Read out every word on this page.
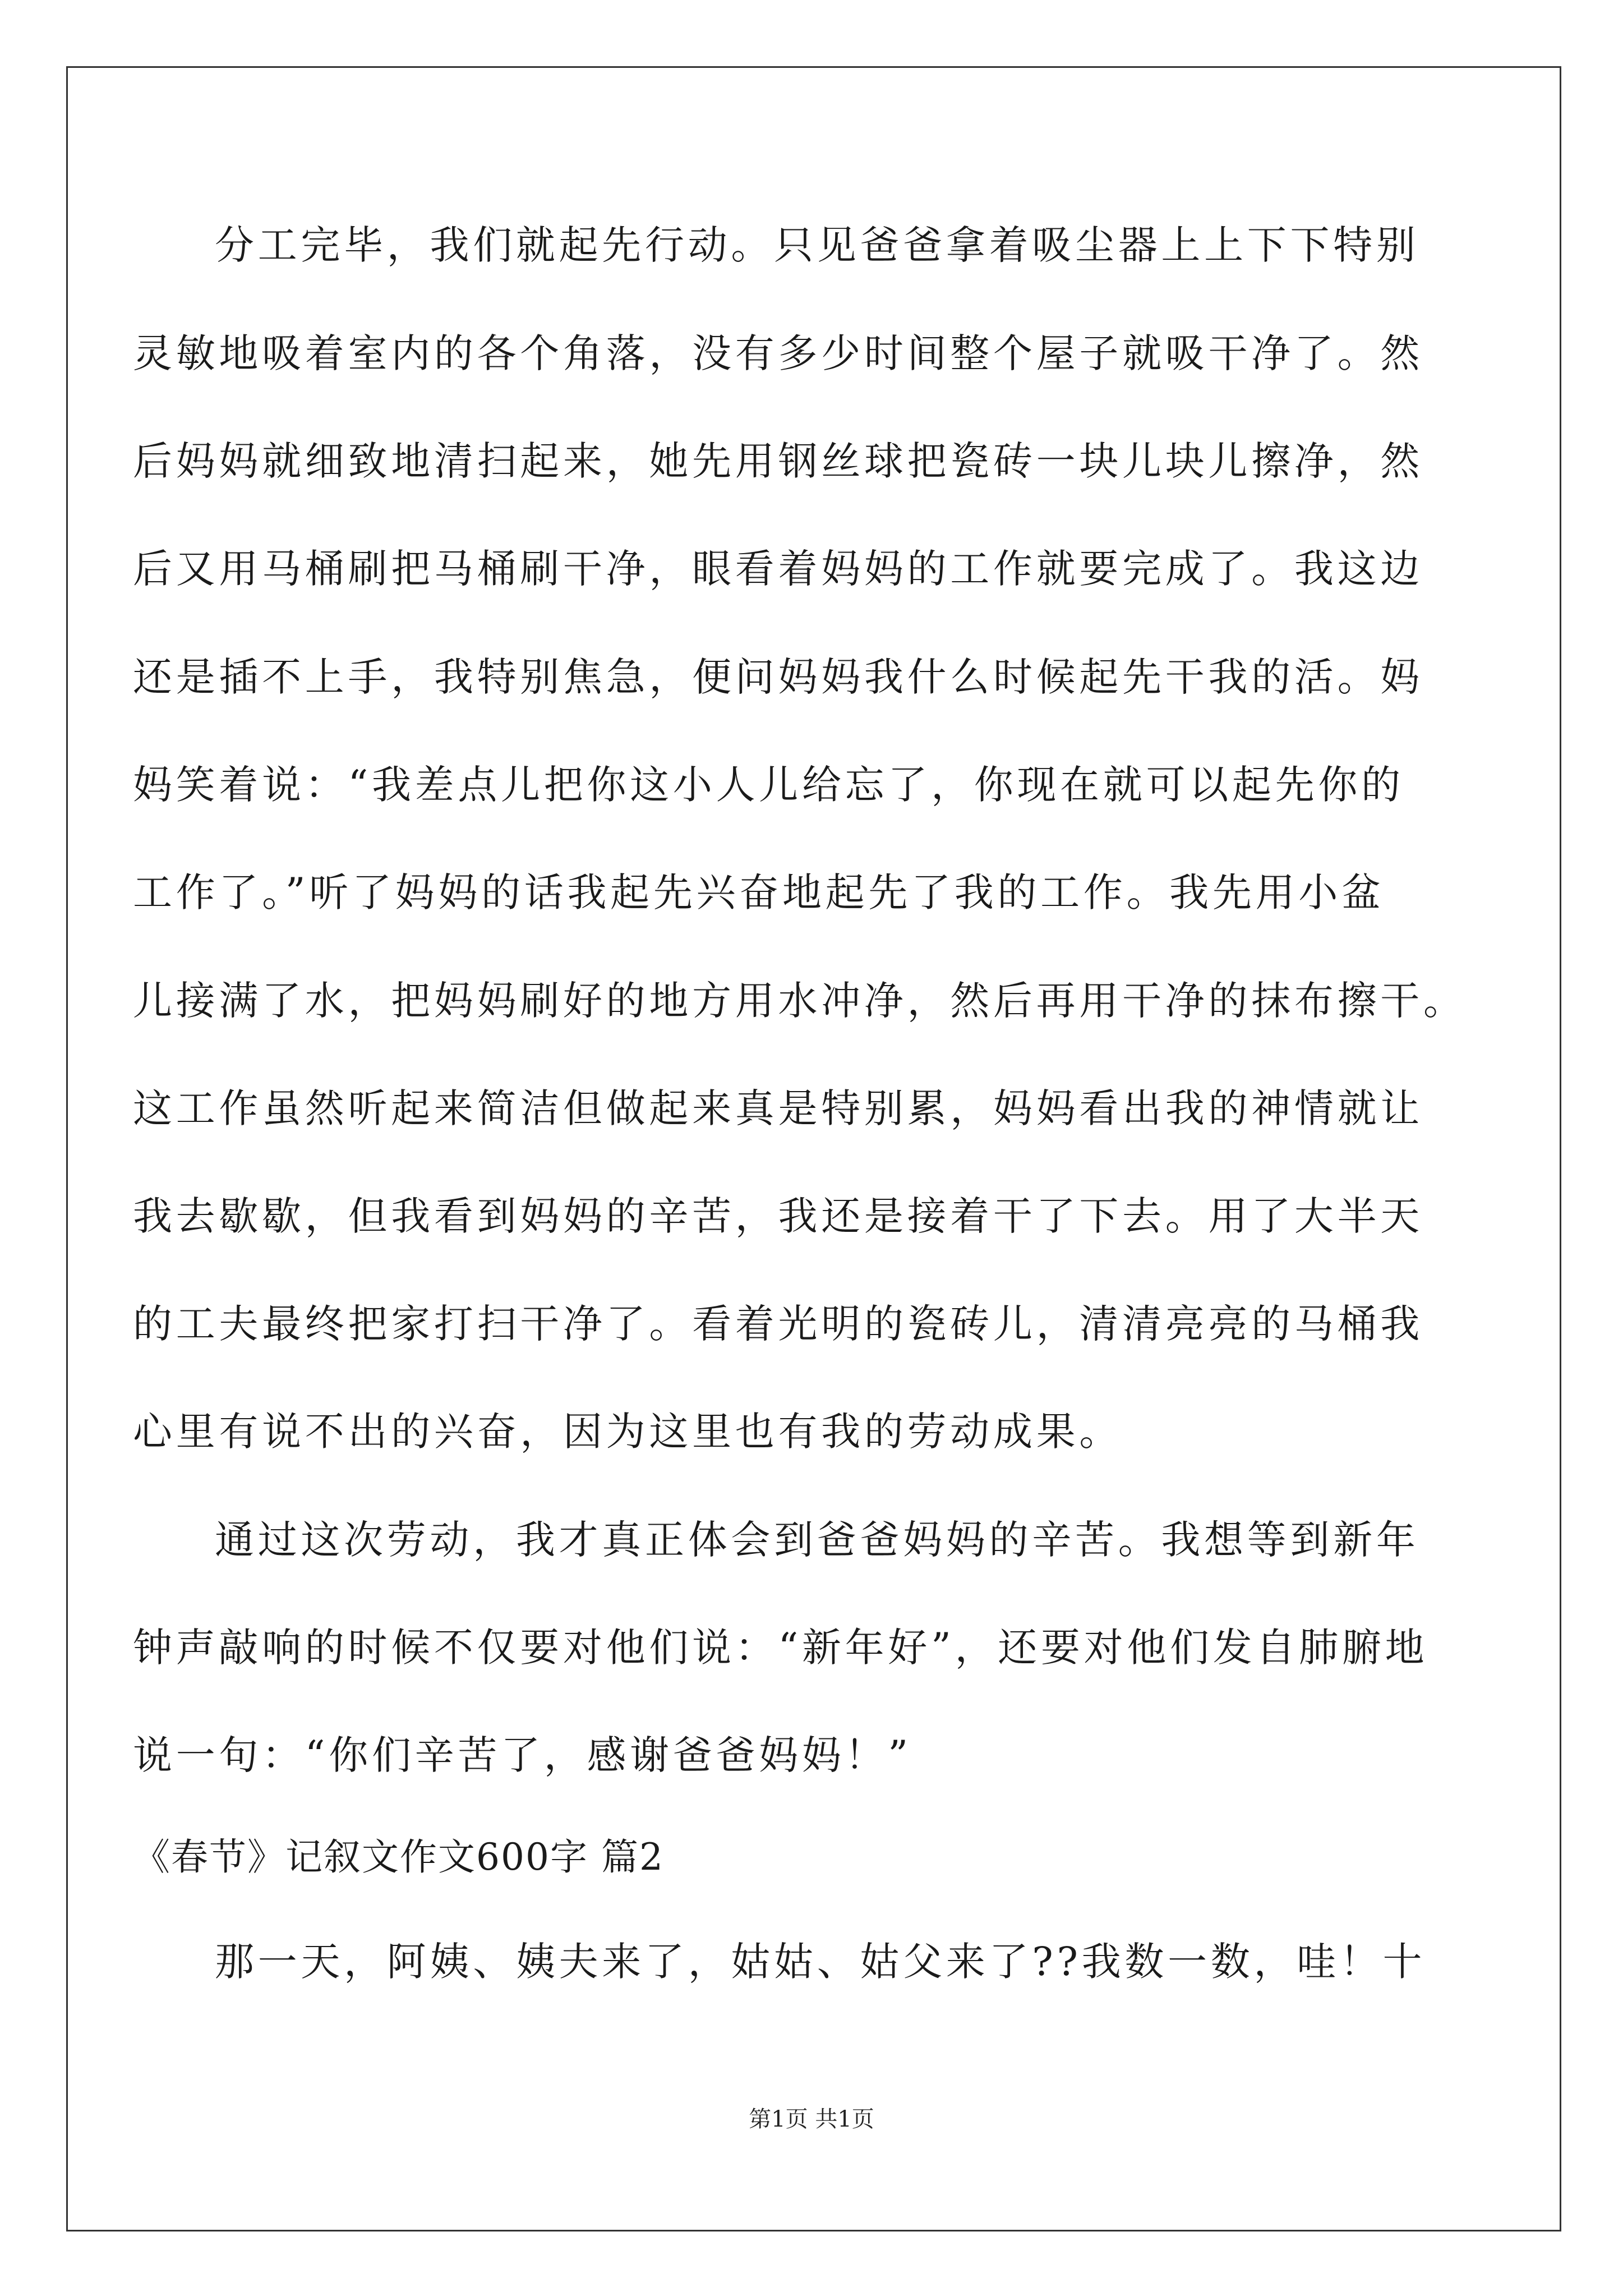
分工完毕，我们就起先行动。只见爸爸拿着吸尘器上上下下特别
灵敏地吸着室内的各个角落，没有多少时间整个屋子就吸干净了。然
后妈妈就细致地清扫起来，她先用钢丝球把瓷砖一块儿块儿擦净，然
后又用马桶刷把马桶刷干净，眼看着妈妈的工作就要完成了。我这边
还是插不上手，我特别焦急，便问妈妈我什么时候起先干我的活。妈
妈笑着说：“我差点儿把你这小人儿给忘了，你现在就可以起先你的
工作了。”听了妈妈的话我起先兴奋地起先了我的工作。我先用小盆
儿接满了水，把妈妈刷好的地方用水冲净，然后再用干净的抹布擦干。
这工作虽然听起来简洁但做起来真是特别累，妈妈看出我的神情就让
我去歇歇，但我看到妈妈的辛苦，我还是接着干了下去。用了大半天
的工夫最终把家打扫干净了。看着光明的瓷砖儿，清清亮亮的马桶我
心里有说不出的兴奋，因为这里也有我的劳动成果。
通过这次劳动，我才真正体会到爸爸妈妈的辛苦。我想等到新年
钟声敲响的时候不仅要对他们说：“新年好”，还要对他们发自肺腑地
说一句：“你们辛苦了，感谢爸爸妈妈！”
《春节》记叙文作文600字 篇2
那一天，阿姨、姨夫来了，姑姑、姑父来了??我数一数，哇！十
第1页 共1页
